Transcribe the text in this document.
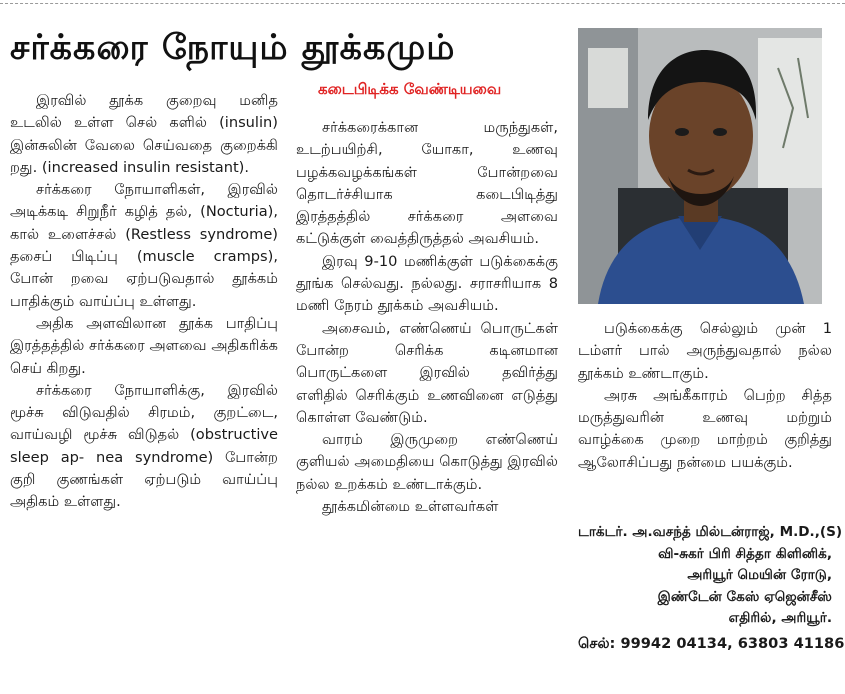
சர்க்கரை நோயும் தூக்கமும்
கடைபிடிக்க வேண்டியவை

இரவில் தூக்க குறைவு மனித உடலில் உள்ள செல் களில் (insulin) இன்சுலின் வேலை செய்வதை குறைக்கி றது. (increased insulin resistant).

சர்க்கரை நோயாளிகள், இரவில் அடிக்கடி சிறுநீர் கழித் தல், (Nocturia), கால் உளைச்சல் (Restless syndrome) தசைப் பிடிப்பு (muscle cramps), போன் றவை ஏற்படுவதால் தூக்கம் பாதிக்கும் வாய்ப்பு உள்ளது.

அதிக அளவிலான தூக்க பாதிப்பு இரத்தத்தில் சர்க்கரை அளவை அதிகரிக்க செய் கிறது.

சர்க்கரை நோயாளிக்கு, இரவில் மூச்சு விடுவதில் சிரமம், குறட்டை, வாய்வழி மூச்சு விடுதல் (obstructive sleep ap- nea syndrome) போன்ற குறி குணங்கள் ஏற்படும் வாய்ப்பு அதிகம் உள்ளது.

சர்க்கரைக்கான மருந்துகள், உடற்பயிற்சி, யோகா, உணவு பழக்கவழக்கங்கள் போன்றவை தொடர்ச்சியாக கடைபிடித்து இரத்தத்தில் சர்க்கரை அளவை கட்டுக்குள் வைத்திருத்தல் அவசியம்.

இரவு 9-10 மணிக்குள் படுக்கைக்கு தூங்க செல்வது. நல்லது. சராசரியாக 8 மணி நேரம் தூக்கம் அவசியம்.

அசைவம், எண்ணெய் பொருட்கள் போன்ற செரிக்க கடினமான பொருட்களை இரவில் தவிர்த்து எளிதில் செரிக்கும் உணவினை எடுத்து கொள்ள வேண்டும்.

வாரம் இருமுறை எண்ணெய் குளியல் அமைதியை கொடுத்து இரவில் நல்ல உறக்கம் உண்டாக்கும்.

தூக்கமின்மை உள்ளவர்கள்

படுக்கைக்கு செல்லும் முன் 1 டம்ளர் பால் அருந்துவதால் நல்ல தூக்கம் உண்டாகும்.

அரசு அங்கீகாரம் பெற்ற சித்த மருத்துவரின் உணவு மற்றும் வாழ்க்கை முறை மாற்றம் குறித்து ஆலோசிப்பது நன்மை பயக்கும்.

டாக்டர். அ.வசந்த் மில்டன்ராஜ், M.D.,(S)
வி-சுகர் பிரி சித்தா கிளினிக்,
அரியூர் மெயின் ரோடு,
இண்டேன் கேஸ் ஏஜென்சீஸ்
எதிரில், அரியூர்.
செல்: 99942 04134, 63803 41186
